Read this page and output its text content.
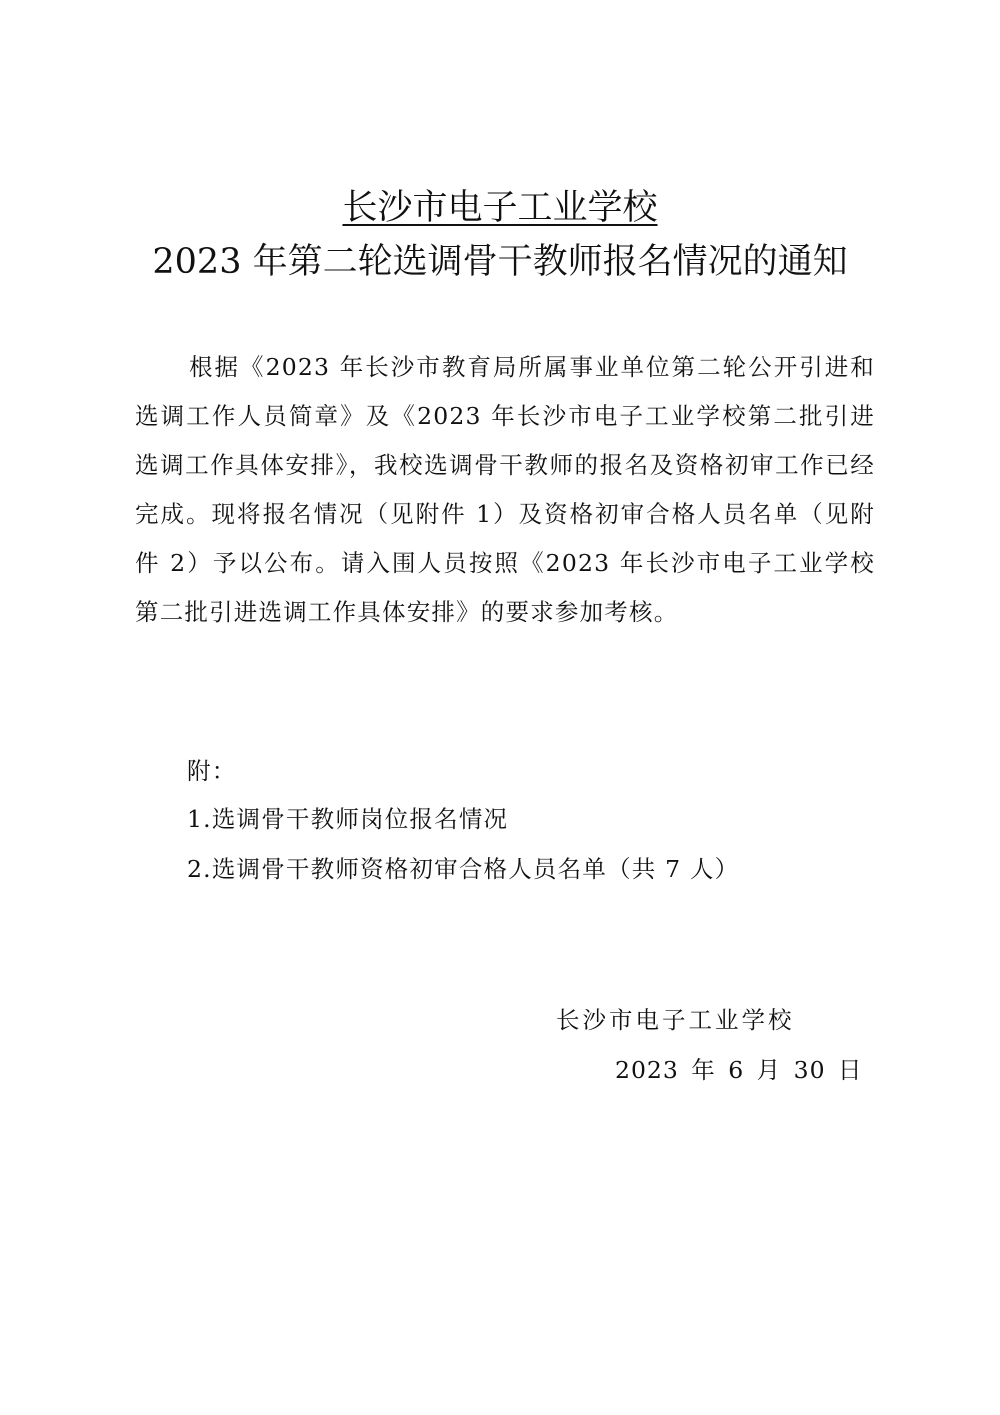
长沙市电子工业学校
2023 年第二轮选调骨干教师报名情况的通知
根据《2023 年长沙市教育局所属事业单位第二轮公开引进和选调工作人员简章》及《2023 年长沙市电子工业学校第二批引进选调工作具体安排》，我校选调骨干教师的报名及资格初审工作已经完成。现将报名情况（见附件 1）及资格初审合格人员名单（见附件 2）予以公布。请入围人员按照《2023 年长沙市电子工业学校第二批引进选调工作具体安排》的要求参加考核。
附：
1.选调骨干教师岗位报名情况
2.选调骨干教师资格初审合格人员名单（共 7 人）
长沙市电子工业学校
2023 年 6 月 30 日
